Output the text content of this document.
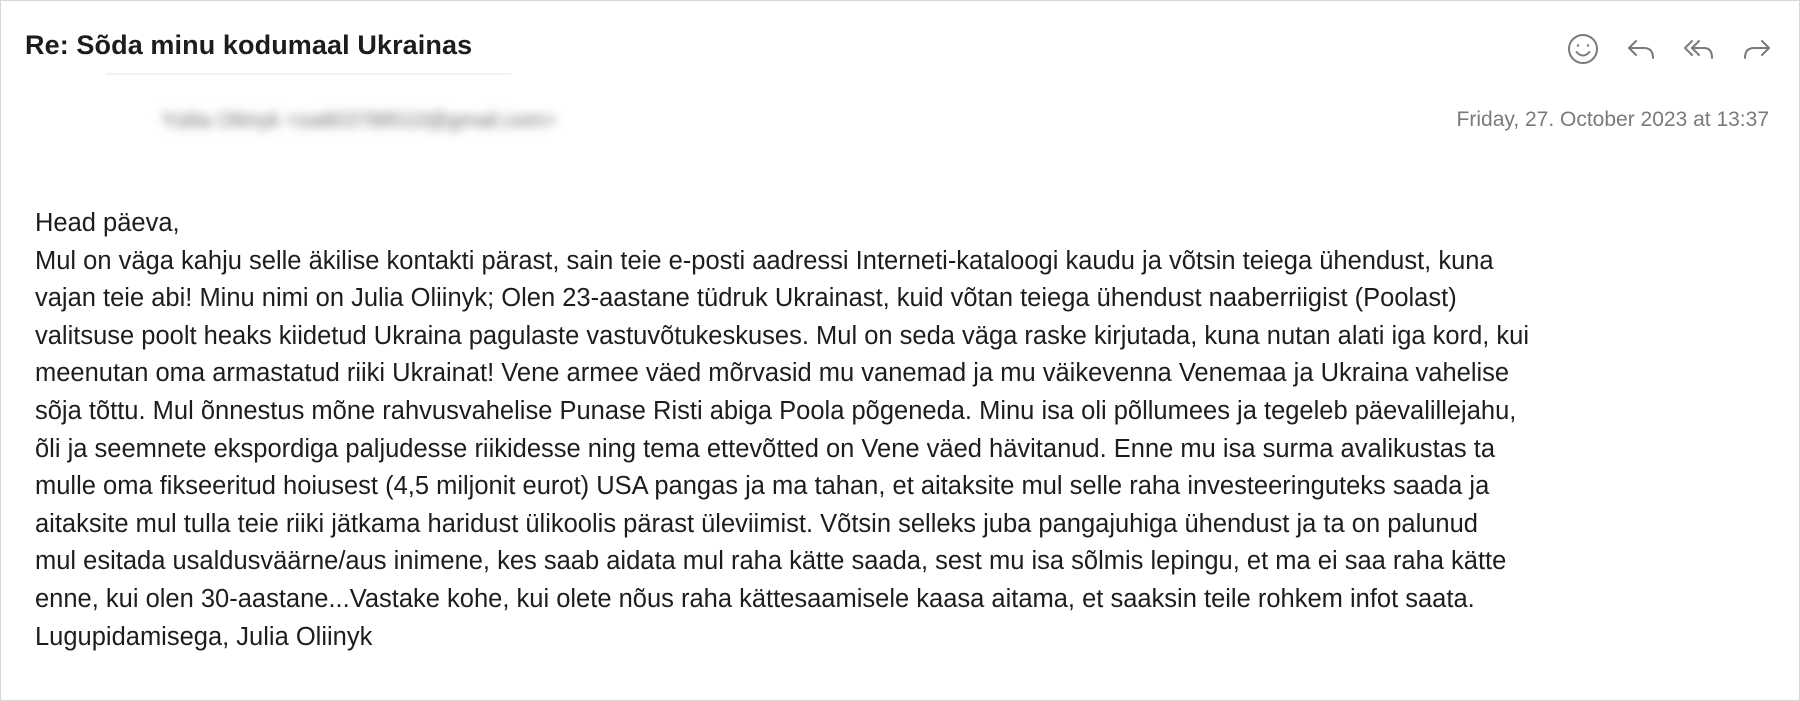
Re: Sõda minu kodumaal Ukrainas
Yuliia Oliinyk <oa803788510@gmail.com>	Friday, 27. October 2023 at 13:37
Head päeva,
Mul on väga kahju selle äkilise kontakti pärast, sain teie e-posti aadressi Interneti-kataloogi kaudu ja võtsin teiega ühendust, kuna
vajan teie abi! Minu nimi on Julia Oliinyk; Olen 23-aastane tüdruk Ukrainast, kuid võtan teiega ühendust naaberriigist (Poolast)
valitsuse poolt heaks kiidetud Ukraina pagulaste vastuvõtukeskuses. Mul on seda väga raske kirjutada, kuna nutan alati iga kord, kui
meenutan oma armastatud riiki Ukrainat! Vene armee väed mõrvasid mu vanemad ja mu väikevenna Venemaa ja Ukraina vahelise
sõja tõttu. Mul õnnestus mõne rahvusvahelise Punase Risti abiga Poola põgeneda. Minu isa oli põllumees ja tegeleb päevalillejahu,
õli ja seemnete ekspordiga paljudesse riikidesse ning tema ettevõtted on Vene väed hävitanud. Enne mu isa surma avalikustas ta
mulle oma fikseeritud hoiusest (4,5 miljonit eurot) USA pangas ja ma tahan, et aitaksite mul selle raha investeeringuteks saada ja
aitaksite mul tulla teie riiki jätkama haridust ülikoolis pärast üleviimist. Võtsin selleks juba pangajuhiga ühendust ja ta on palunud
mul esitada usaldusväärne/aus inimene, kes saab aidata mul raha kätte saada, sest mu isa sõlmis lepingu, et ma ei saa raha kätte
enne, kui olen 30-aastane...Vastake kohe, kui olete nõus raha kättesaamisele kaasa aitama, et saaksin teile rohkem infot saata.
Lugupidamisega, Julia Oliinyk
